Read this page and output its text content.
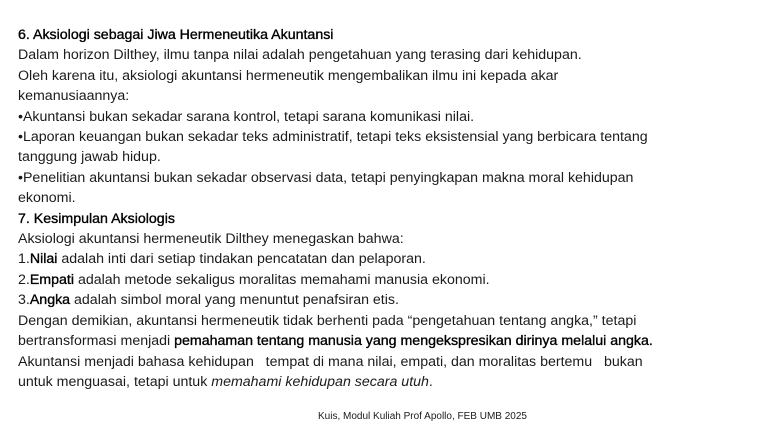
6. Aksiologi sebagai Jiwa Hermeneutika Akuntansi
Dalam horizon Dilthey, ilmu tanpa nilai adalah pengetahuan yang terasing dari kehidupan.
Oleh karena itu, aksiologi akuntansi hermeneutik mengembalikan ilmu ini kepada akar
kemanusiaannya:
•Akuntansi bukan sekadar sarana kontrol, tetapi sarana komunikasi nilai.
•Laporan keuangan bukan sekadar teks administratif, tetapi teks eksistensial yang berbicara tentang
tanggung jawab hidup.
•Penelitian akuntansi bukan sekadar observasi data, tetapi penyingkapan makna moral kehidupan
ekonomi.
7. Kesimpulan Aksiologis
Aksiologi akuntansi hermeneutik Dilthey menegaskan bahwa:
1.Nilai adalah inti dari setiap tindakan pencatatan dan pelaporan.
2.Empati adalah metode sekaligus moralitas memahami manusia ekonomi.
3.Angka adalah simbol moral yang menuntut penafsiran etis.
Dengan demikian, akuntansi hermeneutik tidak berhenti pada “pengetahuan tentang angka,” tetapi
bertransformasi menjadi pemahaman tentang manusia yang mengekspresikan dirinya melalui angka.
Akuntansi menjadi bahasa kehidupan   tempat di mana nilai, empati, dan moralitas bertemu   bukan
untuk menguasai, tetapi untuk memahami kehidupan secara utuh.
Kuis, Modul Kuliah Prof Apollo, FEB UMB 2025
